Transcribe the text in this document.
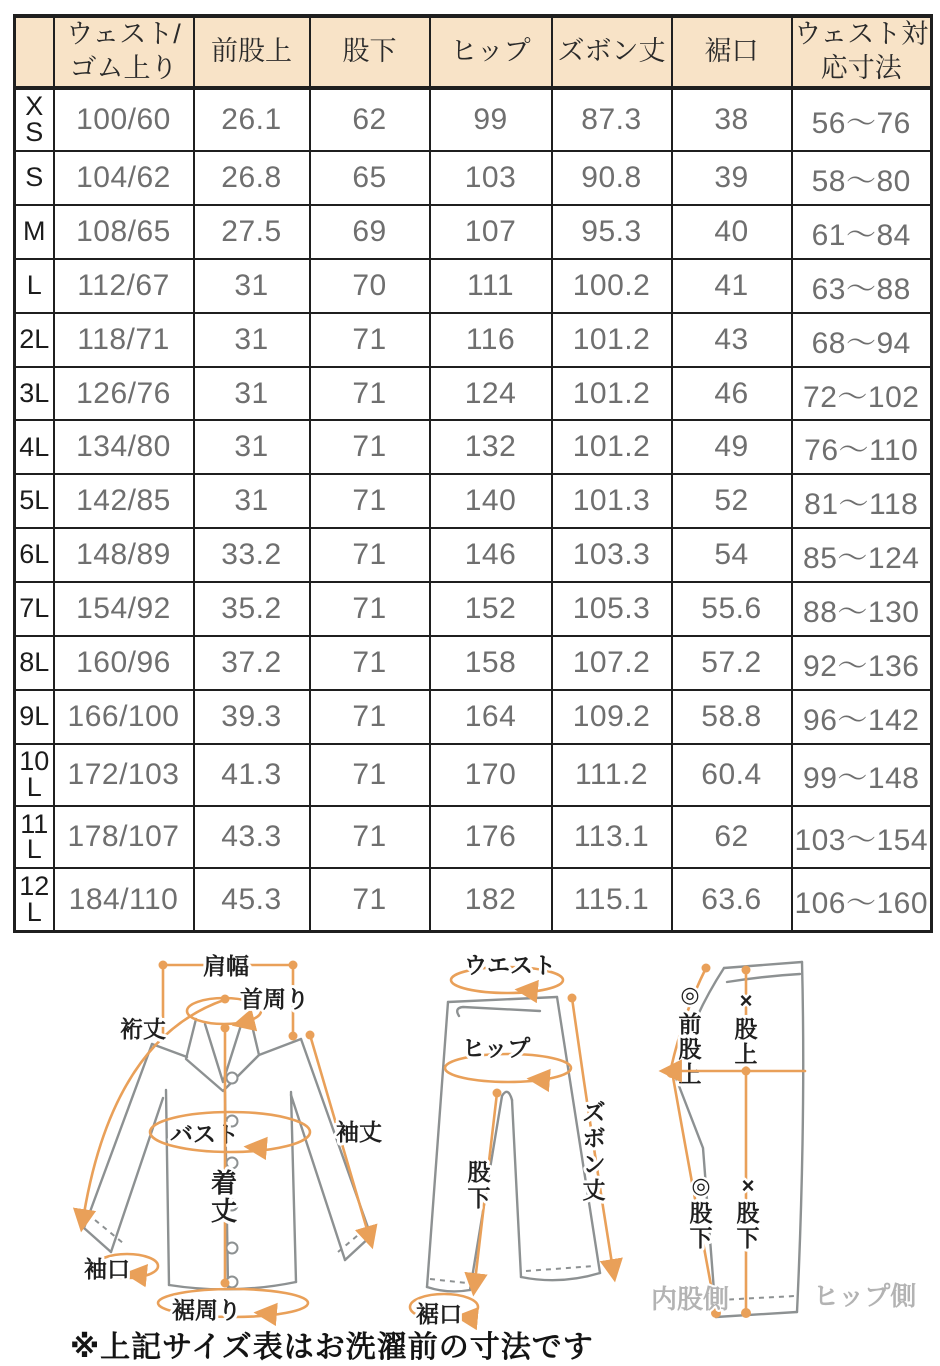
	ウェスト/ゴム上り	前股上	股下	ヒップ	ズボン丈	裾口	ウェスト対応寸法
XS	100/60	26.1	62	99	87.3	38	56〜76
S	104/62	26.8	65	103	90.8	39	58〜80
M	108/65	27.5	69	107	95.3	40	61〜84
L	112/67	31	70	111	100.2	41	63〜88
2L	118/71	31	71	116	101.2	43	68〜94
3L	126/76	31	71	124	101.2	46	72〜102
4L	134/80	31	71	132	101.2	49	76〜110
5L	142/85	31	71	140	101.3	52	81〜118
6L	148/89	33.2	71	146	103.3	54	85〜124
7L	154/92	35.2	71	152	105.3	55.6	88〜130
8L	160/96	37.2	71	158	107.2	57.2	92〜136
9L	166/100	39.3	71	164	109.2	58.8	96〜142
10L	172/103	41.3	71	170	111.2	60.4	99〜148
11L	178/107	43.3	71	176	113.1	62	103〜154
12L	184/110	45.3	71	182	115.1	63.6	106〜160
肩幅
首周り
裄丈
バスト	袖丈
着丈
袖口
裾周り
ウエスト
ヒップ
ズボン丈
股下
裾口
◎
前股上
×
股上
◎
股下
×
股下
内股側	ヒップ側
※上記サイズ表はお洗濯前の寸法です
